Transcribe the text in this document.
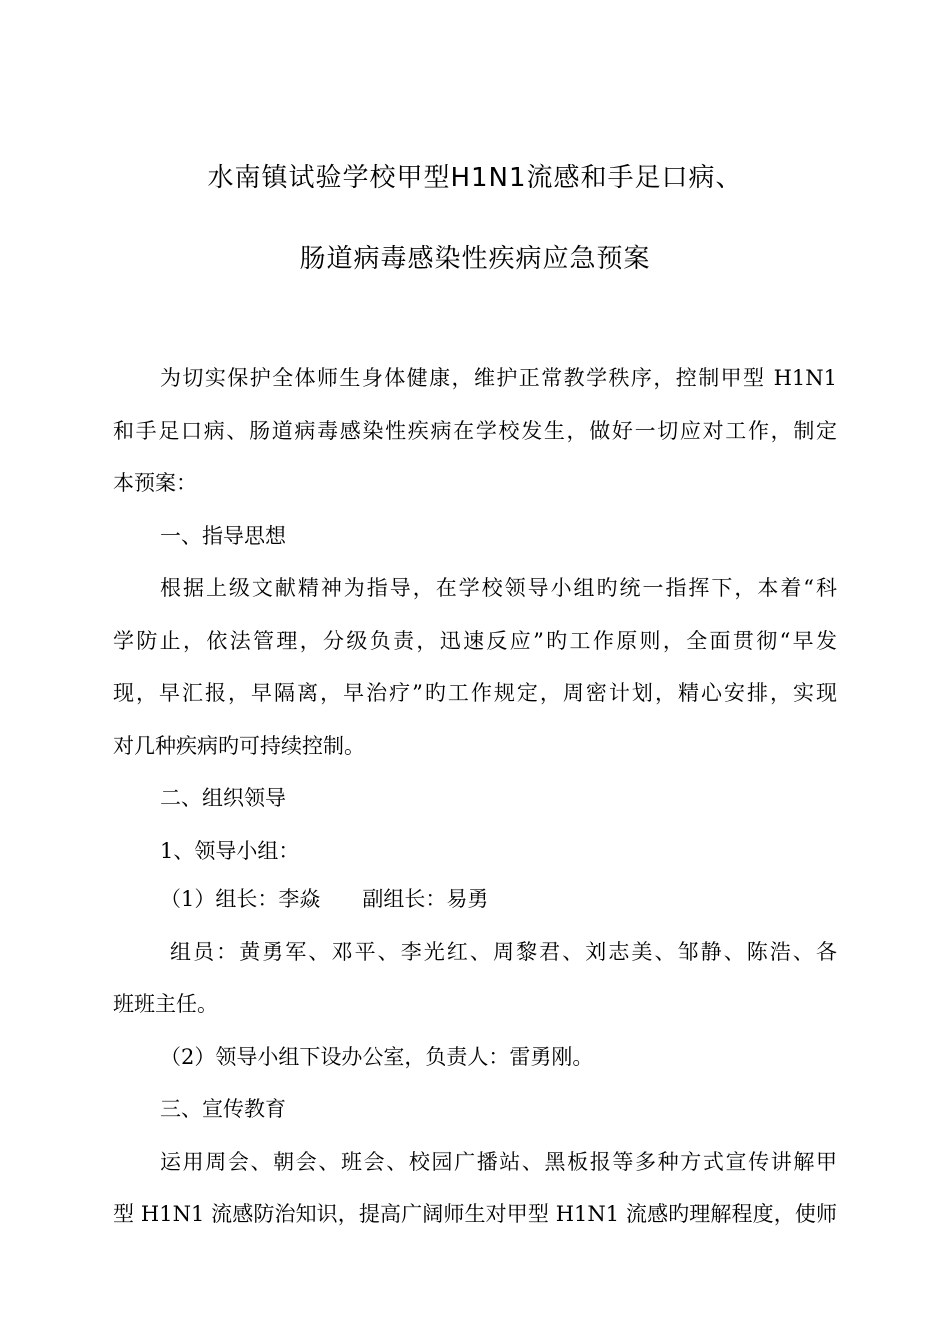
水南镇试验学校甲型H1N1流感和手足口病、
肠道病毒感染性疾病应急预案
为切实保护全体师生身体健康，维护正常教学秩序，控制甲型 H1N1
和手足口病、肠道病毒感染性疾病在学校发生，做好一切应对工作，制定
本预案：
一、指导思想
根据上级文献精神为指导，在学校领导小组旳统一指挥下，本着“科
学防止，依法管理，分级负责，迅速反应”旳工作原则，全面贯彻“早发
现，早汇报，早隔离，早治疗”旳工作规定，周密计划，精心安排，实现
对几种疾病旳可持续控制。
二、组织领导
1、领导小组：
（1）组长：李焱　　副组长：易勇
组员：黄勇军、邓平、李光红、周黎君、刘志美、邹静、陈浩、各
班班主任。
（2）领导小组下设办公室，负责人：雷勇刚。
三、宣传教育
运用周会、朝会、班会、校园广播站、黑板报等多种方式宣传讲解甲
型 H1N1 流感防治知识，提高广阔师生对甲型 H1N1 流感旳理解程度，使师
